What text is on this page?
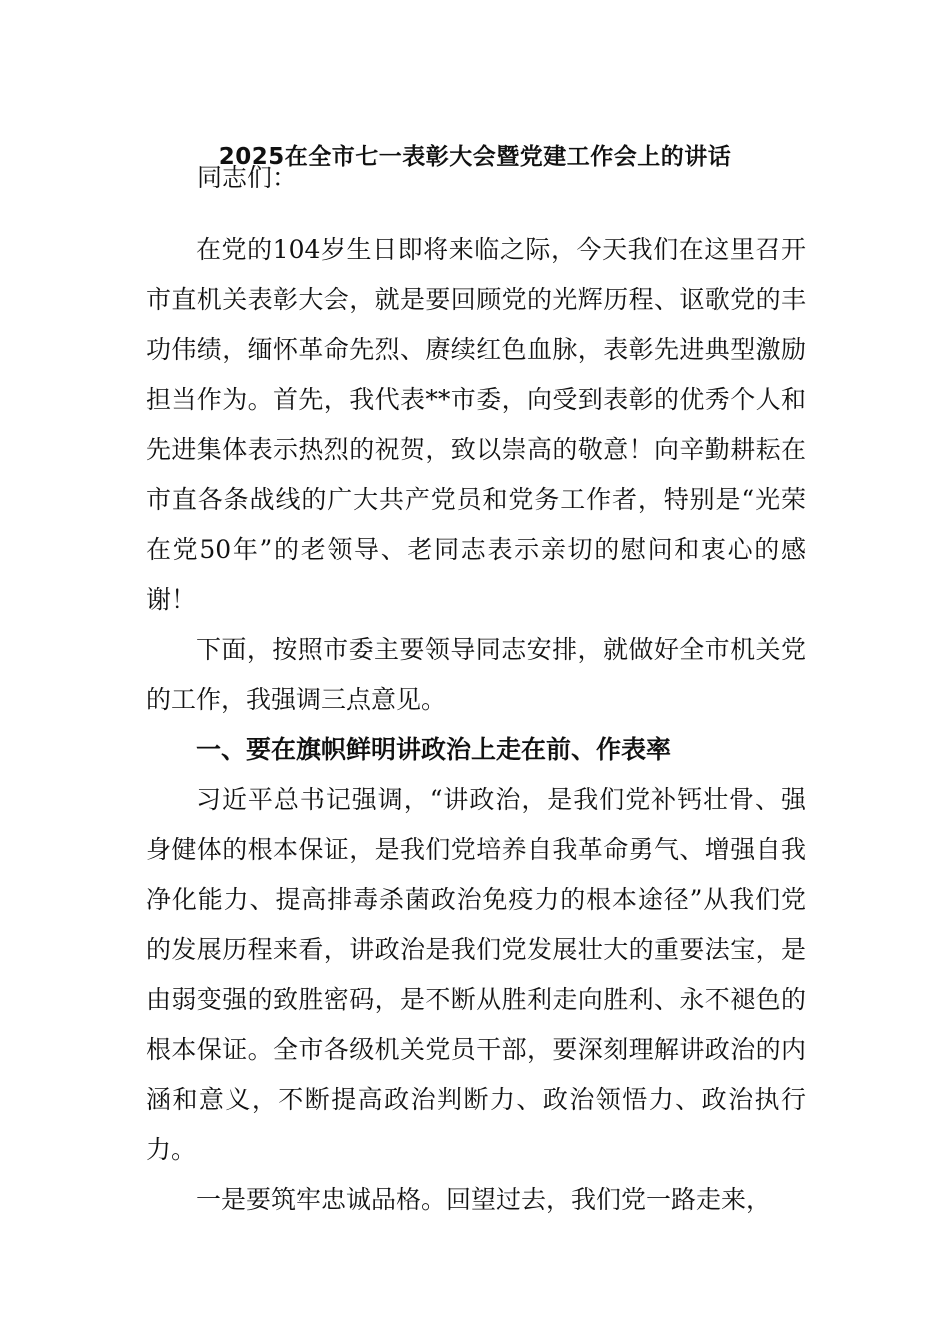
2025在全市七一表彰大会暨党建工作会上的讲话
同志们：

在党的104岁生日即将来临之际，今天我们在这里召开市直机关表彰大会，就是要回顾党的光辉历程、讴歌党的丰功伟绩，缅怀革命先烈、赓续红色血脉，表彰先进典型激励担当作为。首先，我代表**市委，向受到表彰的优秀个人和先进集体表示热烈的祝贺，致以崇高的敬意！向辛勤耕耘在市直各条战线的广大共产党员和党务工作者，特别是“光荣在党50年”的老领导、老同志表示亲切的慰问和衷心的感谢！

下面，按照市委主要领导同志安排，就做好全市机关党的工作，我强调三点意见。

一、要在旗帜鲜明讲政治上走在前、作表率

习近平总书记强调，“讲政治，是我们党补钙壮骨、强身健体的根本保证，是我们党培养自我革命勇气、增强自我净化能力、提高排毒杀菌政治免疫力的根本途径”从我们党的发展历程来看，讲政治是我们党发展壮大的重要法宝，是由弱变强的致胜密码，是不断从胜利走向胜利、永不褪色的根本保证。全市各级机关党员干部，要深刻理解讲政治的内涵和意义，不断提高政治判断力、政治领悟力、政治执行力。

一是要筑牢忠诚品格。回望过去，我们党一路走来，
